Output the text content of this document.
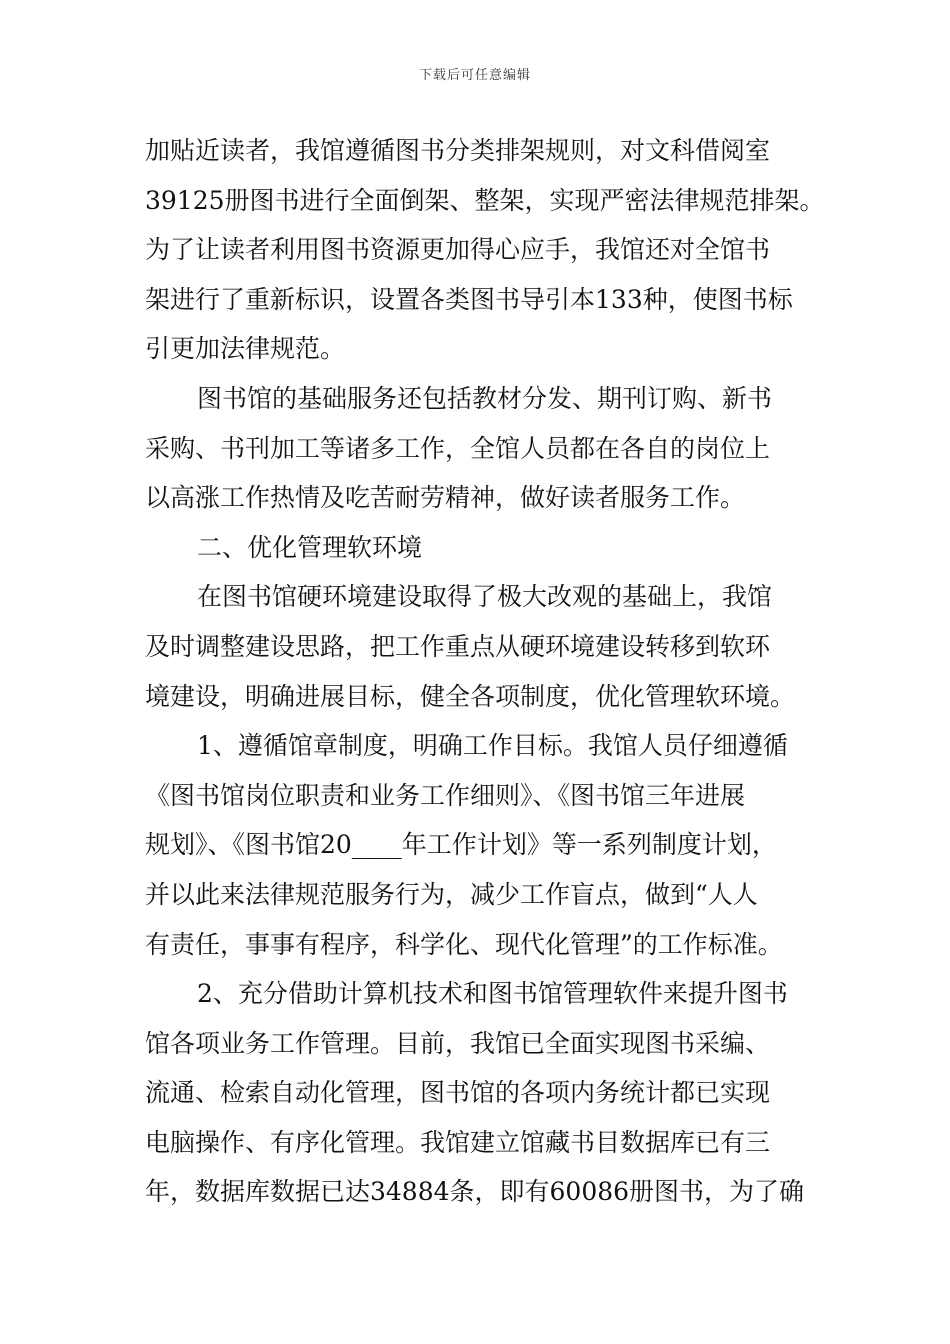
下载后可任意编辑
加贴近读者，我馆遵循图书分类排架规则，对文科借阅室
39125册图书进行全面倒架、整架，实现严密法律规范排架。
为了让读者利用图书资源更加得心应手，我馆还对全馆书
架进行了重新标识，设置各类图书导引本133种，使图书标
引更加法律规范。
图书馆的基础服务还包括教材分发、期刊订购、新书
采购、书刊加工等诸多工作，全馆人员都在各自的岗位上
以高涨工作热情及吃苦耐劳精神，做好读者服务工作。
二、优化管理软环境
在图书馆硬环境建设取得了极大改观的基础上，我馆
及时调整建设思路，把工作重点从硬环境建设转移到软环
境建设，明确进展目标，健全各项制度，优化管理软环境。
1、遵循馆章制度，明确工作目标。我馆人员仔细遵循
《图书馆岗位职责和业务工作细则》、《图书馆三年进展
规划》、《图书馆20____年工作计划》等一系列制度计划，
并以此来法律规范服务行为，减少工作盲点，做到“人人
有责任，事事有程序，科学化、现代化管理”的工作标准。
2、充分借助计算机技术和图书馆管理软件来提升图书
馆各项业务工作管理。目前，我馆已全面实现图书采编、
流通、检索自动化管理，图书馆的各项内务统计都已实现
电脑操作、有序化管理。我馆建立馆藏书目数据库已有三
年，数据库数据已达34884条，即有60086册图书，为了确
